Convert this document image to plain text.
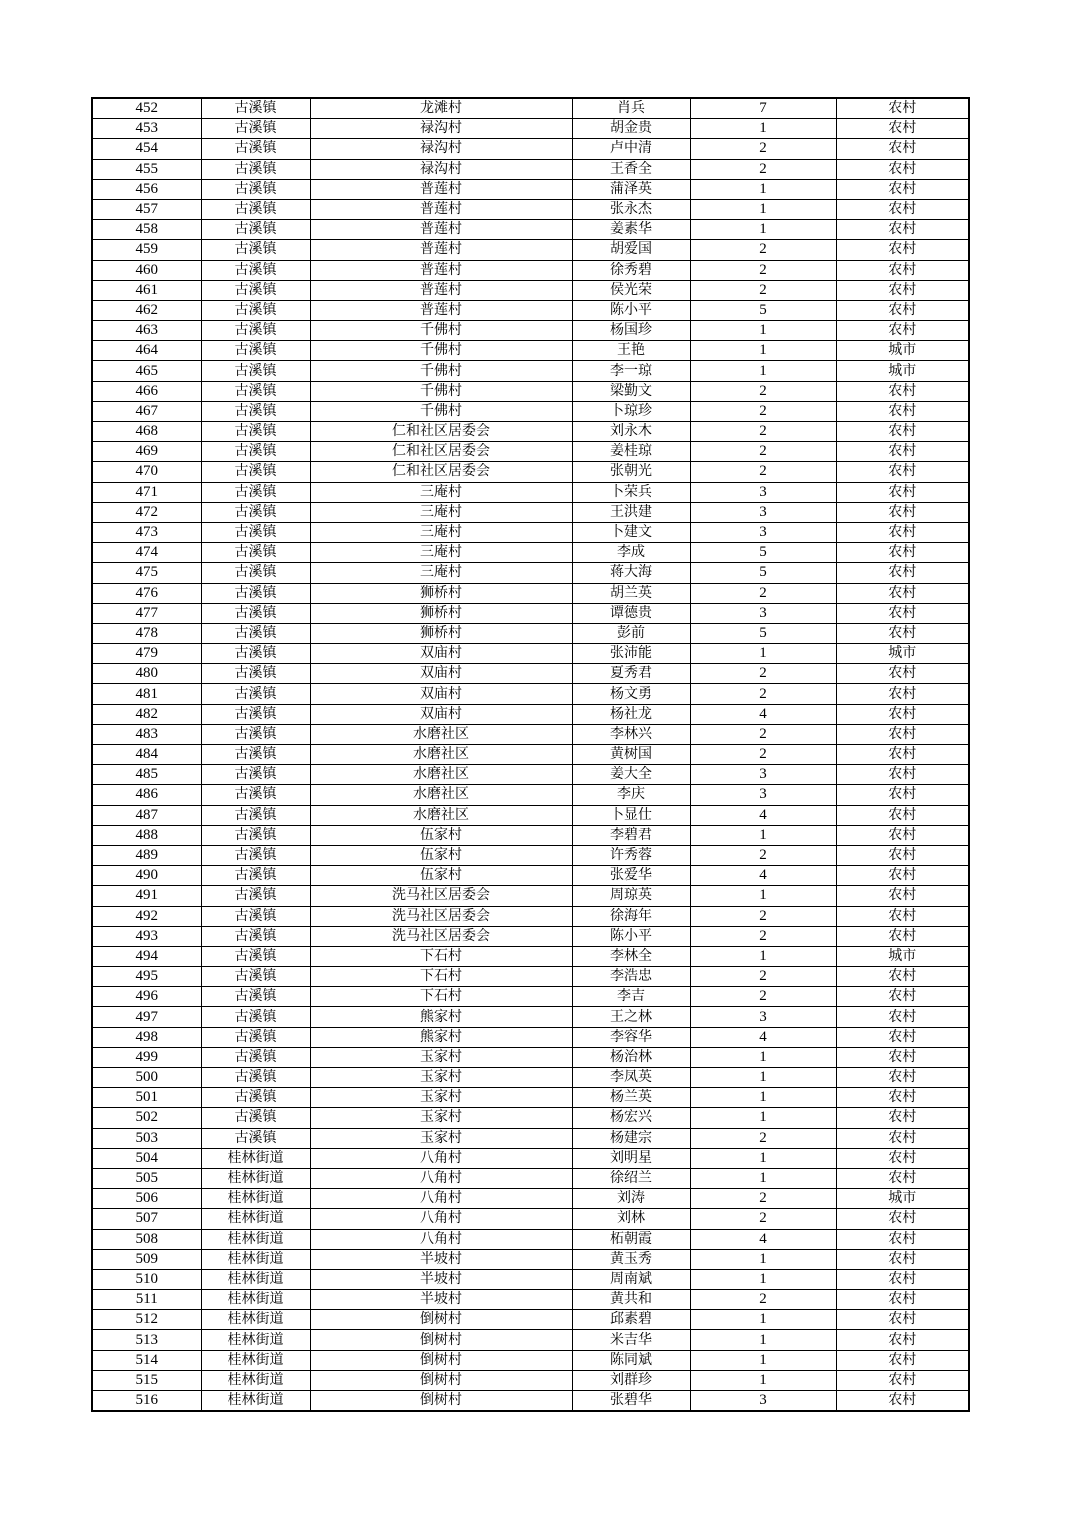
452	古溪镇	龙滩村	肖兵	7	农村
453	古溪镇	禄沟村	胡金贵	1	农村
454	古溪镇	禄沟村	卢中清	2	农村
455	古溪镇	禄沟村	王香全	2	农村
456	古溪镇	普莲村	蒲泽英	1	农村
457	古溪镇	普莲村	张永杰	1	农村
458	古溪镇	普莲村	姜素华	1	农村
459	古溪镇	普莲村	胡爱国	2	农村
460	古溪镇	普莲村	徐秀碧	2	农村
461	古溪镇	普莲村	侯光荣	2	农村
462	古溪镇	普莲村	陈小平	5	农村
463	古溪镇	千佛村	杨国珍	1	农村
464	古溪镇	千佛村	王艳	1	城市
465	古溪镇	千佛村	李一琼	1	城市
466	古溪镇	千佛村	梁勤文	2	农村
467	古溪镇	千佛村	卜琼珍	2	农村
468	古溪镇	仁和社区居委会	刘永木	2	农村
469	古溪镇	仁和社区居委会	姜桂琼	2	农村
470	古溪镇	仁和社区居委会	张朝光	2	农村
471	古溪镇	三庵村	卜荣兵	3	农村
472	古溪镇	三庵村	王洪建	3	农村
473	古溪镇	三庵村	卜建文	3	农村
474	古溪镇	三庵村	李成	5	农村
475	古溪镇	三庵村	蒋大海	5	农村
476	古溪镇	狮桥村	胡兰英	2	农村
477	古溪镇	狮桥村	谭德贵	3	农村
478	古溪镇	狮桥村	彭前	5	农村
479	古溪镇	双庙村	张沛能	1	城市
480	古溪镇	双庙村	夏秀君	2	农村
481	古溪镇	双庙村	杨文勇	2	农村
482	古溪镇	双庙村	杨社龙	4	农村
483	古溪镇	水磨社区	李林兴	2	农村
484	古溪镇	水磨社区	黄树国	2	农村
485	古溪镇	水磨社区	姜大全	3	农村
486	古溪镇	水磨社区	李庆	3	农村
487	古溪镇	水磨社区	卜显仕	4	农村
488	古溪镇	伍家村	李碧君	1	农村
489	古溪镇	伍家村	许秀蓉	2	农村
490	古溪镇	伍家村	张爱华	4	农村
491	古溪镇	洗马社区居委会	周琼英	1	农村
492	古溪镇	洗马社区居委会	徐海年	2	农村
493	古溪镇	洗马社区居委会	陈小平	2	农村
494	古溪镇	下石村	李林全	1	城市
495	古溪镇	下石村	李浩忠	2	农村
496	古溪镇	下石村	李吉	2	农村
497	古溪镇	熊家村	王之林	3	农村
498	古溪镇	熊家村	李容华	4	农村
499	古溪镇	玉家村	杨治林	1	农村
500	古溪镇	玉家村	李凤英	1	农村
501	古溪镇	玉家村	杨兰英	1	农村
502	古溪镇	玉家村	杨宏兴	1	农村
503	古溪镇	玉家村	杨建宗	2	农村
504	桂林街道	八角村	刘明星	1	农村
505	桂林街道	八角村	徐绍兰	1	农村
506	桂林街道	八角村	刘涛	2	城市
507	桂林街道	八角村	刘林	2	农村
508	桂林街道	八角村	柘朝霞	4	农村
509	桂林街道	半坡村	黄玉秀	1	农村
510	桂林街道	半坡村	周南斌	1	农村
511	桂林街道	半坡村	黄共和	2	农村
512	桂林街道	倒树村	邱素碧	1	农村
513	桂林街道	倒树村	米吉华	1	农村
514	桂林街道	倒树村	陈同斌	1	农村
515	桂林街道	倒树村	刘群珍	1	农村
516	桂林街道	倒树村	张碧华	3	农村
